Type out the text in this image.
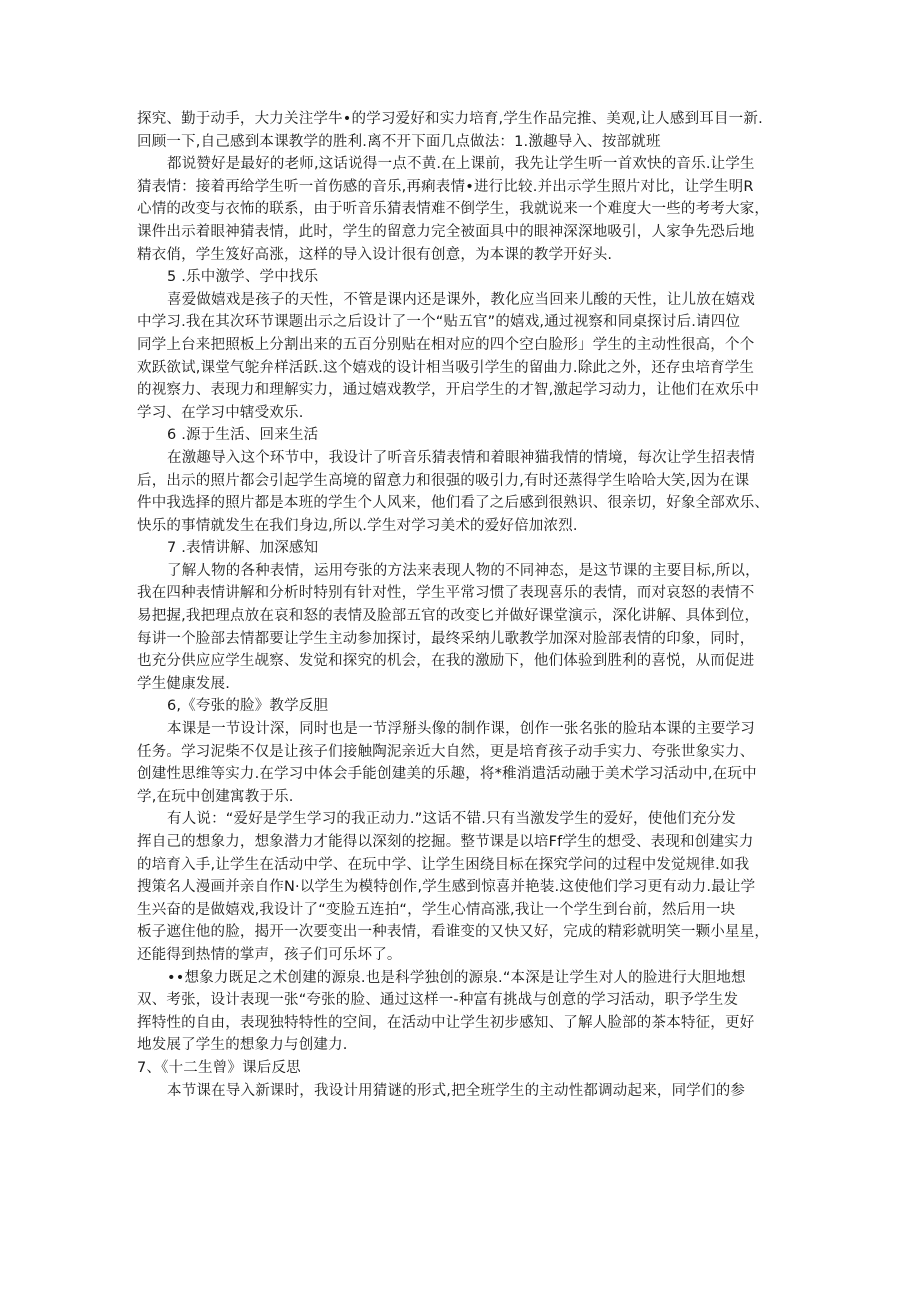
探究、勤于动手，大力关注学牛•的学习爱好和实力培育,学生作品完推、美观,让人感到耳目一新.
回顾一下,自己感到本课教学的胜利.离不开下面几点做法：1.激趣导入、按部就班
都说赞好是最好的老师,这话说得一点不黄.在上课前，我先让学生听一首欢快的音乐.让学生
猜表情：接着再给学生听一首伤感的音乐,再痢表情•进行比较.并出示学生照片对比，让学生明R
心情的改变与衣怖的联系，由于听音乐猜表情难不倒学生，我就说来一个难度大一些的考考大家，
课件出示着眼神猜表情，此时，学生的留意力完全被面具中的眼神深深地吸引，人家争先恐后地
精衣俏，学生笈好高涨，这样的导入设计很有创意，为本课的教学开好头.
5 .乐中激学、学中找乐
喜爱做嬉戏是孩子的天性，不管是课内还是课外，教化应当回来儿酸的天性，让儿放在嬉戏
中学习.我在其次环节课题出示之后设计了一个“贴五官”的嬉戏,通过视察和同桌探讨后.请四位
同学上台来把照板上分割出来的五百分别贴在相对应的四个空白脸形」学生的主动性很高，个个
欢跃欲试,课堂气鸵弁样活跃.这个嬉戏的设计相当吸引学生的留曲力.除此之外，还存虫培育学生
的视察力、表现力和理解实力，通过嬉戏教学，开启学生的才智,激起学习动力，让他们在欢乐中
学习、在学习中辖受欢乐.
6 .源于生活、回来生活
在激趣导入这个环节中，我设计了听音乐猜表情和着眼神猫我情的情境，每次让学生招表情
后，出示的照片都会引起学生高境的留意力和很强的吸引力,有时还蒸得学生哈哈大笑,因为在课
件中我选择的照片都是本班的学生个人风来，他们看了之后感到很熟识、很亲切，好象全部欢乐、
快乐的事情就发生在我们身边,所以.学生对学习美术的爱好倍加浓烈.
7 .表情讲解、加深感知
了解人物的各种表情，运用夸张的方法来表现人物的不同神态，是这节课的主要目标,所以，
我在四种表情讲解和分析时特别有针对性，学生平常习惯了表现喜乐的表情，而对哀怒的表情不
易把握,我把理点放在哀和怒的表情及脸部五官的改变匕并做好课堂演示，深化讲解、具体到位，
每讲一个脸部去情都要让学生主动参加探讨，最终采纳儿歌教学加深对脸部表情的印象，同时，
也充分供应应学生觇察、发觉和探究的机会，在我的激励下，他们体验到胜利的喜悦，从而促进
学生健康发展.
6,《夸张的脸》教学反胆
本课是一节设计深，同时也是一节浮掰头像的制作课，创作一张名张的脸玷本课的主要学习
任务。学习泥柴不仅是让孩子们接触陶泥亲近大自然，更是培育孩子动手实力、夸张世象实力、
创建性思维等实力.在学习中体会手能创建美的乐趣，将*稚消遣活动融于美术学习活动中,在玩中
学,在玩中创建寓教于乐.
有人说：“爱好是学生学习的我正动力.”这话不错.只有当激发学生的爱好，使他们充分发
挥自己的想象力，想象潜力才能得以深刻的挖掘。整节课是以培Ff学生的想受、表现和创建实力
的培育入手,让学生在活动中学、在玩中学、让学生困绕目标在探究学问的过程中发觉规律.如我
搜策名人漫画并亲自作N·以学生为模特创作,学生感到惊喜并艳装.这使他们学习更有动力.最让学
生兴奋的是做嬉戏,我设计了“变脸五连拍“，学生心情高涨,我让一个学生到台前，然后用一块
板子遮住他的脸，揭开一次要变出一种表情，看谁变的又快又好，完成的精彩就明笑一颗小星星，
还能得到热情的掌声，孩子们可乐坏了。
••想象力既足之术创建的源泉.也是科学独创的源泉.“本深是让学生对人的脸进行大胆地想
双、考张，设计表现一张“夸张的脸、通过这样一-种富有挑战与创意的学习活动，职予学生发
挥特性的自由，表现独特特性的空间，在活动中让学生初步感知、了解人脸部的茶本特征，更好
地发展了学生的想象力与创建力.
7、《十二生曾》课后反思
本节课在导入新课时，我设计用猜谜的形式,把全班学生的主动性都调动起来，同学们的参
